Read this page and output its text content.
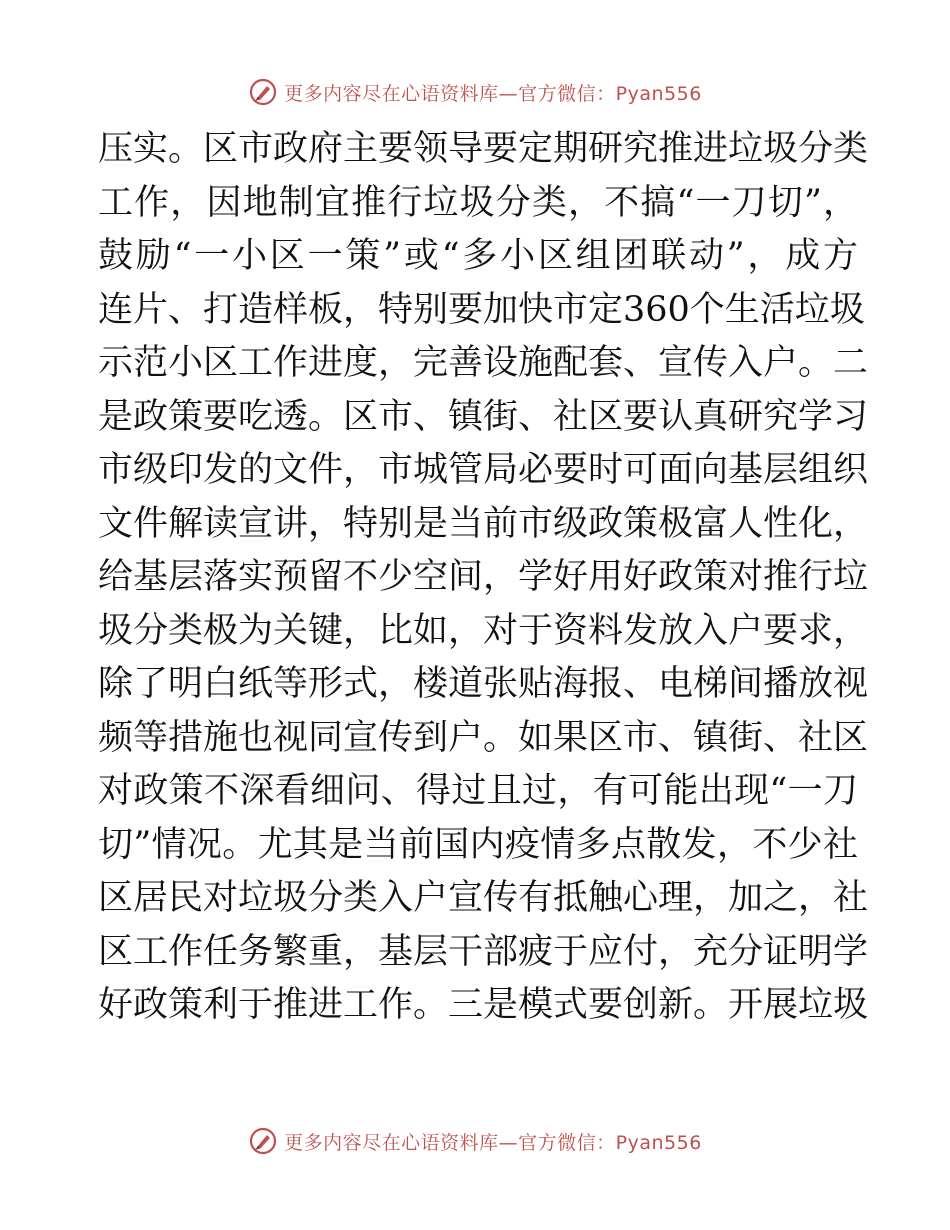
更多内容尽在心语资料库—官方微信：Pyan556
压实。区市政府主要领导要定期研究推进垃圾分类
工作，因地制宜推行垃圾分类，不搞“一刀切”，
鼓励“一小区一策”或“多小区组团联动”，成方
连片、打造样板，特别要加快市定360个生活垃圾
示范小区工作进度，完善设施配套、宣传入户。二
是政策要吃透。区市、镇街、社区要认真研究学习
市级印发的文件，市城管局必要时可面向基层组织
文件解读宣讲，特别是当前市级政策极富人性化，
给基层落实预留不少空间，学好用好政策对推行垃
圾分类极为关键，比如，对于资料发放入户要求，
除了明白纸等形式，楼道张贴海报、电梯间播放视
频等措施也视同宣传到户。如果区市、镇街、社区
对政策不深看细问、得过且过，有可能出现“一刀
切”情况。尤其是当前国内疫情多点散发，不少社
区居民对垃圾分类入户宣传有抵触心理，加之，社
区工作任务繁重，基层干部疲于应付，充分证明学
好政策利于推进工作。三是模式要创新。开展垃圾
更多内容尽在心语资料库—官方微信：Pyan556
